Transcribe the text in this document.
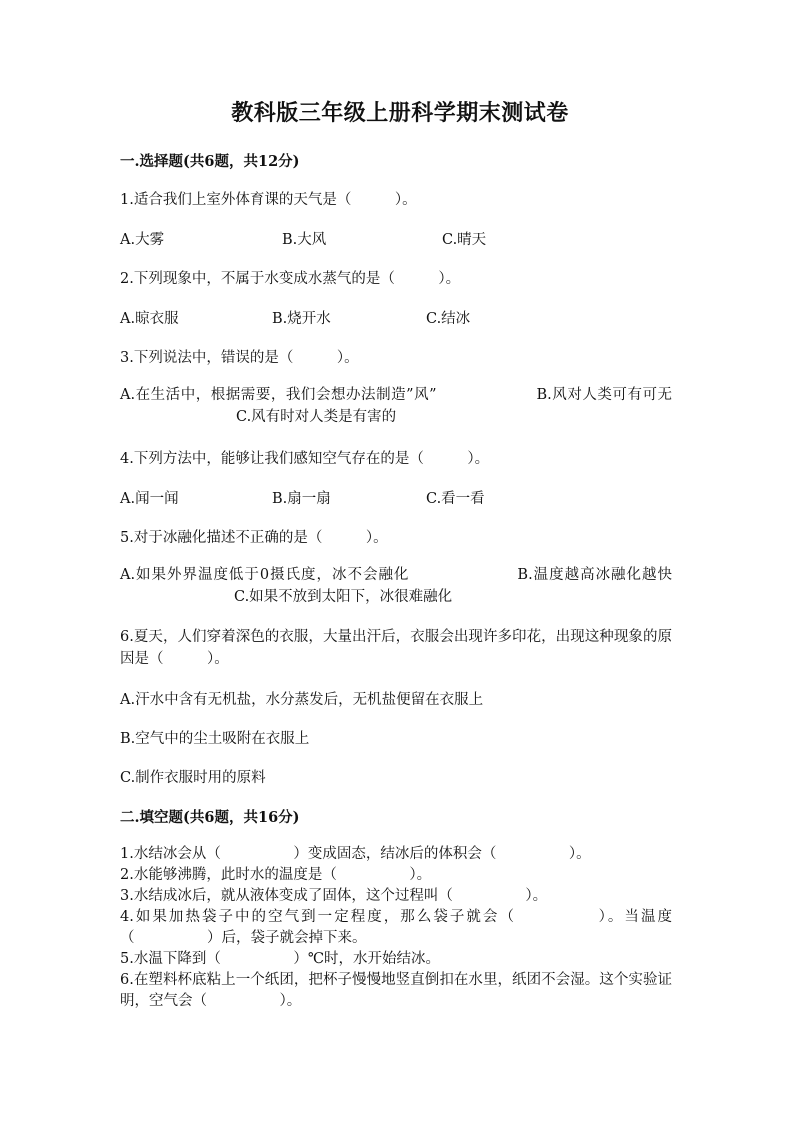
教科版三年级上册科学期末测试卷
一.选择题(共6题，共12分)
1.适合我们上室外体育课的天气是（　　　）。
A.大雾	B.大风	C.晴天
2.下列现象中，不属于水变成水蒸气的是（　　　）。
A.晾衣服	B.烧开水	C.结冰
3.下列说法中，错误的是（　　　）。
A.在生活中，根据需要，我们会想办法制造”风”	B.风对人类可有可无C.风有时对人类是有害的
4.下列方法中，能够让我们感知空气存在的是（　　　）。
A.闻一闻	B.扇一扇	C.看一看
5.对于冰融化描述不正确的是（　　　）。
A.如果外界温度低于0摄氏度，冰不会融化	B.温度越高冰融化越快C.如果不放到太阳下，冰很难融化
6.夏天，人们穿着深色的衣服，大量出汗后，衣服会出现许多印花，出现这种现象的原因是（　　　）。
A.汗水中含有无机盐，水分蒸发后，无机盐便留在衣服上
B.空气中的尘土吸附在衣服上
C.制作衣服时用的原料
二.填空题(共6题，共16分)
1.水结冰会从（　　　　　）变成固态，结冰后的体积会（　　　　　）。
2.水能够沸腾，此时水的温度是（　　　　　）。
3.水结成冰后，就从液体变成了固体，这个过程叫（　　　　　）。
4.如果加热袋子中的空气到一定程度，那么袋子就会（　　　　　）。当温度（　　　　　）后，袋子就会掉下来。
5.水温下降到（　　　　　）℃时，水开始结冰。
6.在塑料杯底粘上一个纸团，把杯子慢慢地竖直倒扣在水里，纸团不会湿。这个实验证明，空气会（　　　　　）。
